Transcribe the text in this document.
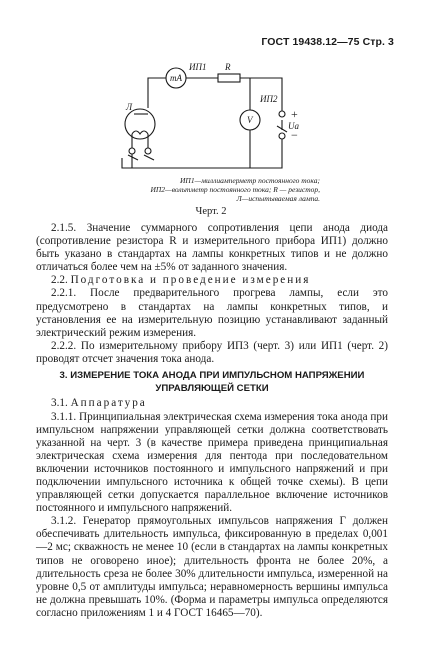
ГОСТ 19438.12—75 Стр. 3
mA
ИП1 R
V
ИП2
Л	+
−
Uа
ИП1—миллиамперметр постоянного тока;
ИП2—вольтметр постоянного тока; R — резистор,
Л—испытываемая лампа.
Черт. 2

2.1.5. Значение суммарного сопротивления цепи анода диода (сопротивление резистора R и измерительного прибора ИП1) должно быть указано в стандартах на лампы конкретных типов и не должно отличаться более чем на ±5% от заданного значения.

2.2. Подготовка и проведение измерения

2.2.1. После предварительного прогрева лампы, если это предусмотрено в стандартах на лампы конкретных типов, и установления ее на измерительную позицию устанавливают заданный электрический режим измерения.

2.2.2. По измерительному прибору ИП3 (черт. 3) или ИП1 (черт. 2) проводят отсчет значения тока анода.

3. ИЗМЕРЕНИЕ ТОКА АНОДА ПРИ ИМПУЛЬСНОМ НАПРЯЖЕНИИ
УПРАВЛЯЮЩЕЙ СЕТКИ

3.1. Аппаратура

3.1.1. Принципиальная электрическая схема измерения тока анода при импульсном напряжении управляющей сетки должна соответствовать указанной на черт. 3 (в качестве примера приведена принципиальная электрическая схема измерения для пентода при последовательном включении источников постоянного и импульсного напряжений и при подключении импульсного источника к общей точке схемы). В цепи управляющей сетки допускается параллельное включение источников постоянного и импульсного напряжений.

3.1.2. Генератор прямоугольных импульсов напряжения Г должен обеспечивать длительность импульса, фиксированную в пределах 0,001—2 мс; скважность не менее 10 (если в стандартах на лампы конкретных типов не оговорено иное); длительность фронта не более 20%, а длительность среза не более 30% длительности импульса, измеренной на уровне 0,5 от амплитуды импульса; неравномерность вершины импульса не должна превышать 10%. (Форма и параметры импульса определяются согласно приложениям 1 и 4 ГОСТ 16465—70).
